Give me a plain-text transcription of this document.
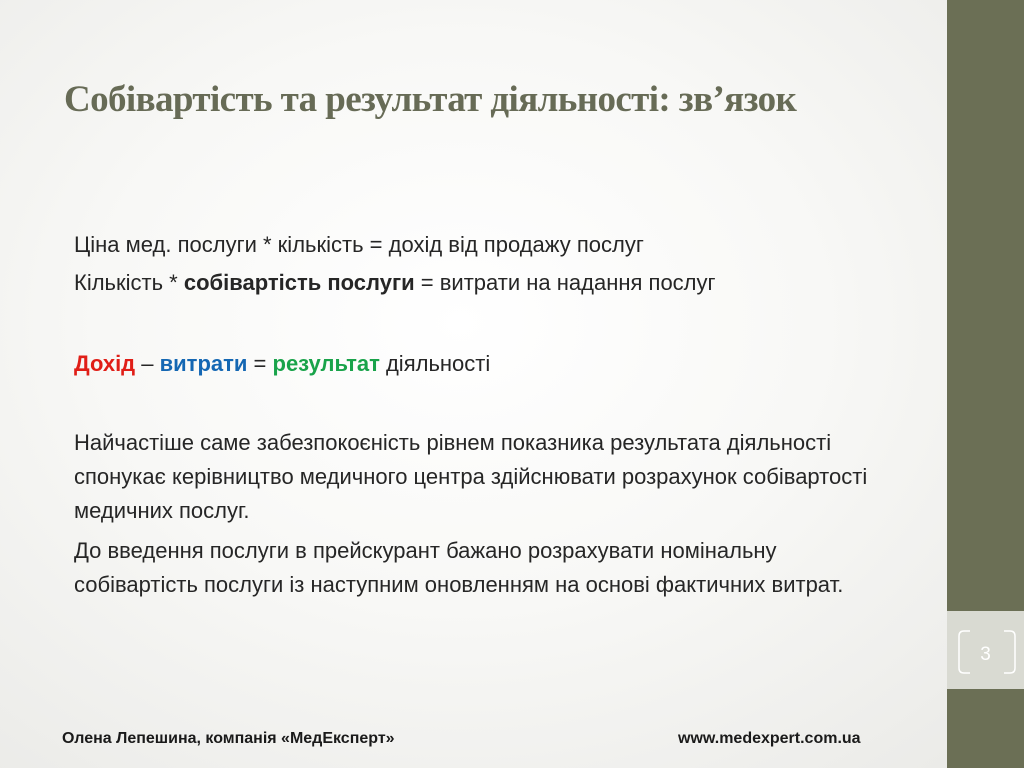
3
Собівартість та результат діяльності: зв’язок

Ціна мед. послуги * кількість = дохід від продажу послуг

Кількість * собівартість послуги = витрати на надання послуг

Дохід – витрати = результат діяльності

Найчастіше саме забезпокоєність рівнем показника результата діяльності спонукає керівництво медичного центра здійснювати розрахунок собівартості медичних послуг.

До введення послуги в прейскурант бажано розрахувати номінальну собівартість послуги із наступним оновленням на основі фактичних витрат.

Олена Лепешина, компанія «МедЕксперт»	www.medexpert.com.ua
